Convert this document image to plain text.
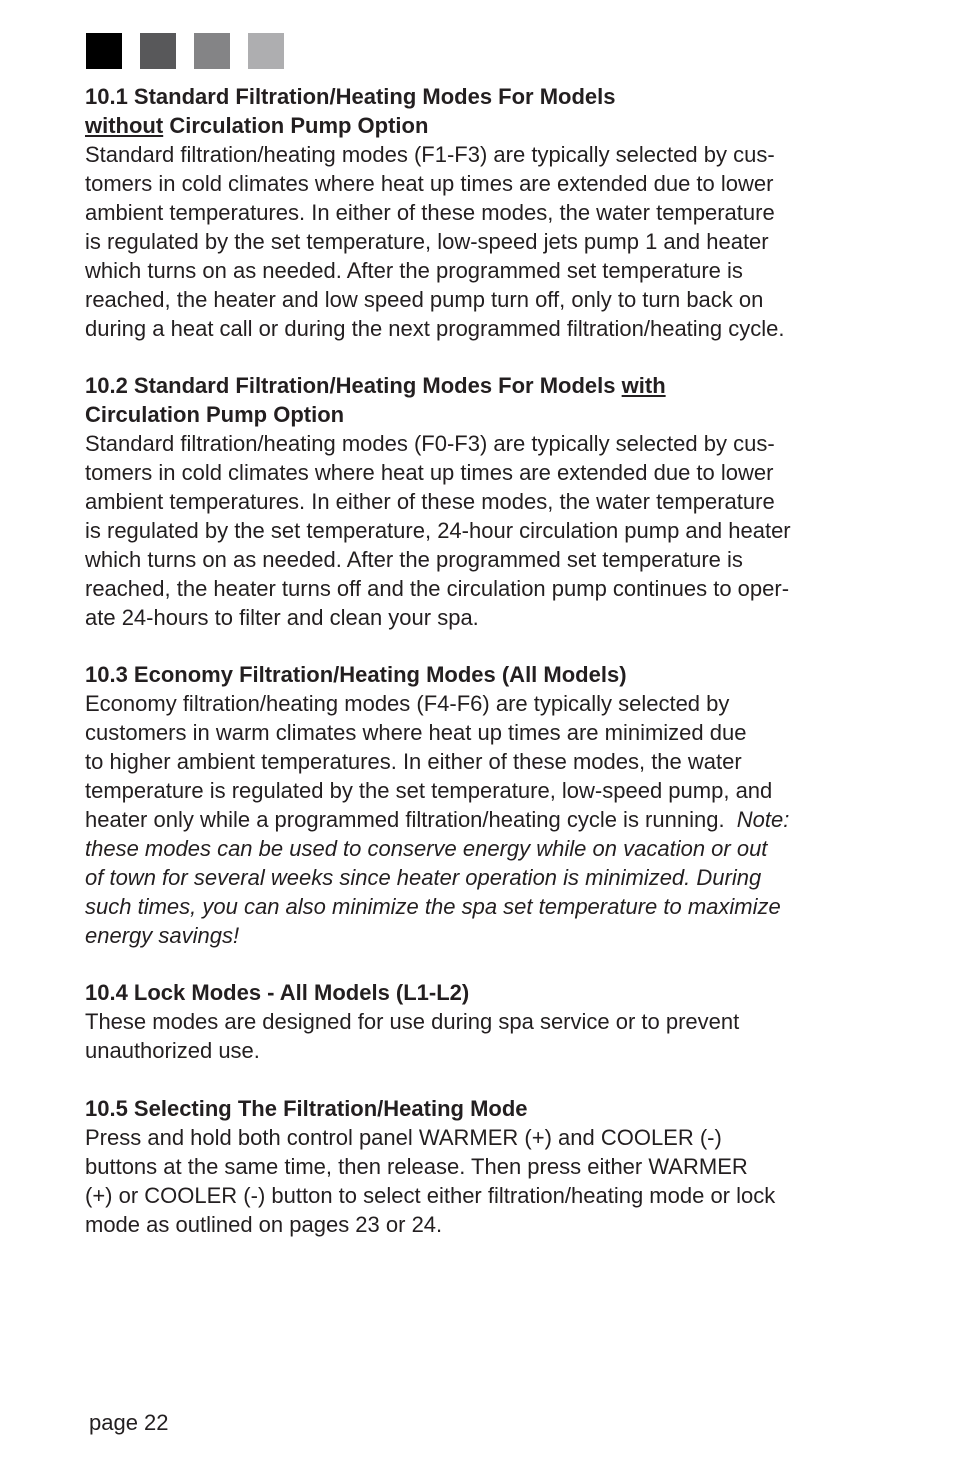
10.1 Standard Filtration/Heating Modes For Models
without Circulation Pump Option
Standard filtration/heating modes (F1-F3) are typically selected by cus-
tomers in cold climates where heat up times are extended due to lower
ambient temperatures. In either of these modes, the water temperature
is regulated by the set temperature, low-speed jets pump 1 and heater
which turns on as needed. After the programmed set temperature is
reached, the heater and low speed pump turn off, only to turn back on
during a heat call or during the next programmed filtration/heating cycle.
10.2 Standard Filtration/Heating Modes For Models with
Circulation Pump Option
Standard filtration/heating modes (F0-F3) are typically selected by cus-
tomers in cold climates where heat up times are extended due to lower
ambient temperatures. In either of these modes, the water temperature
is regulated by the set temperature, 24-hour circulation pump and heater
which turns on as needed. After the programmed set temperature is
reached, the heater turns off and the circulation pump continues to oper-
ate 24-hours to filter and clean your spa.
10.3 Economy Filtration/Heating Modes (All Models)
Economy filtration/heating modes (F4-F6) are typically selected by
customers in warm climates where heat up times are minimized due
to higher ambient temperatures. In either of these modes, the water
temperature is regulated by the set temperature, low-speed pump, and
heater only while a programmed filtration/heating cycle is running.  Note:
these modes can be used to conserve energy while on vacation or out
of town for several weeks since heater operation is minimized. During
such times, you can also minimize the spa set temperature to maximize
energy savings!
10.4 Lock Modes - All Models (L1-L2)
These modes are designed for use during spa service or to prevent
unauthorized use.
10.5 Selecting The Filtration/Heating Mode
Press and hold both control panel WARMER (+) and COOLER (-)
buttons at the same time, then release. Then press either WARMER
(+) or COOLER (-) button to select either filtration/heating mode or lock
mode as outlined on pages 23 or 24.
page 22
